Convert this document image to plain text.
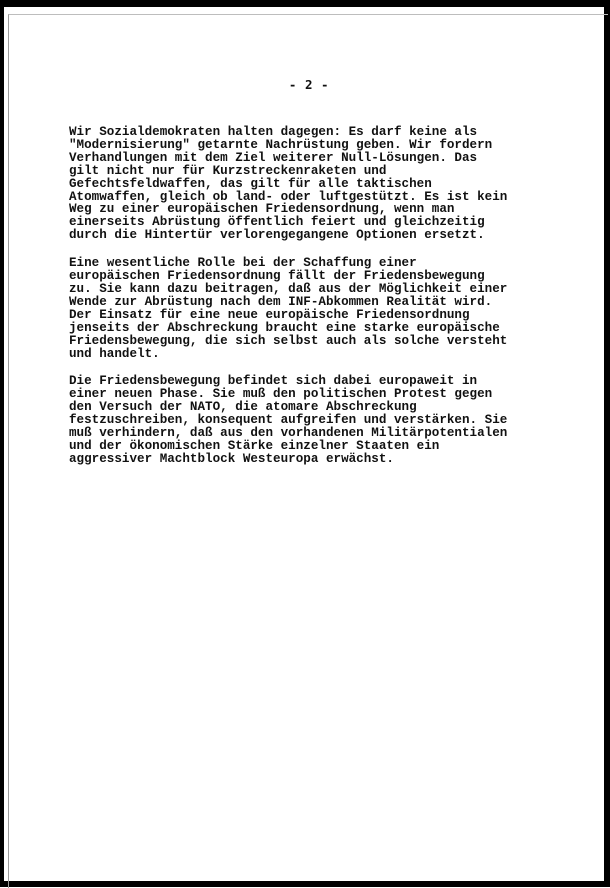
- 2 -

Wir Sozialdemokraten halten dagegen: Es darf keine als
"Modernisierung" getarnte Nachrüstung geben. Wir fordern
Verhandlungen mit dem Ziel weiterer Null-Lösungen. Das
gilt nicht nur für Kurzstreckenraketen und
Gefechtsfeldwaffen, das gilt für alle taktischen
Atomwaffen, gleich ob land- oder luftgestützt. Es ist kein
Weg zu einer europäischen Friedensordnung, wenn man
einerseits Abrüstung öffentlich feiert und gleichzeitig
durch die Hintertür verlorengegangene Optionen ersetzt.

Eine wesentliche Rolle bei der Schaffung einer
europäischen Friedensordnung fällt der Friedensbewegung
zu. Sie kann dazu beitragen, daß aus der Möglichkeit einer
Wende zur Abrüstung nach dem INF-Abkommen Realität wird.
Der Einsatz für eine neue europäische Friedensordnung
jenseits der Abschreckung braucht eine starke europäische
Friedensbewegung, die sich selbst auch als solche versteht
und handelt.

Die Friedensbewegung befindet sich dabei europaweit in
einer neuen Phase. Sie muß den politischen Protest gegen
den Versuch der NATO, die atomare Abschreckung
festzuschreiben, konsequent aufgreifen und verstärken. Sie
muß verhindern, daß aus den vorhandenen Militärpotentialen
und der ökonomischen Stärke einzelner Staaten ein
aggressiver Machtblock Westeuropa erwächst.
